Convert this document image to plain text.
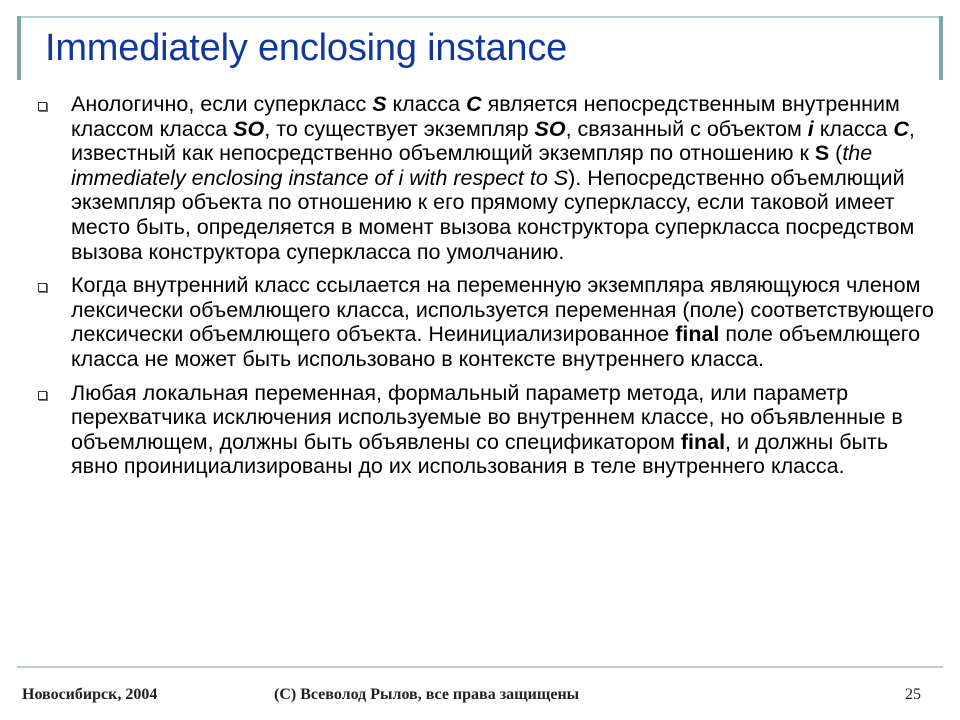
Immediately enclosing instance
Анологично, если суперкласс S класса C является непосредственным внутренним классом класса SO, то существует экземпляр SO, связанный с объектом i класса C, известный как непосредственно объемлющий экземпляр по отношению к S (the immediately enclosing instance of i with respect to S). Непосредственно объемлющий экземпляр объекта по отношению к его прямому суперклассу, если таковой имеет место быть, определяется в момент вызова конструктора суперкласса посредством вызова конструктора суперкласса по умолчанию.
Когда внутренний класс ссылается на переменную экземпляра являющуюся членом лексически объемлющего класса, используется переменная (поле) соответствующего лексически объемлющего объекта. Неинициализированное final поле объемлющего класса не может быть использовано в контексте внутреннего класса.
Любая локальная переменная, формальный параметр метода, или параметр перехватчика исключения используемые во внутреннем классе, но объявленные в объемлющем, должны быть объявлены со спецификатором final, и должны быть явно проинициализированы до их использования в теле внутреннего класса.
Новосибирск, 2004	(C) Всеволод Рылов, все права защищены	25
